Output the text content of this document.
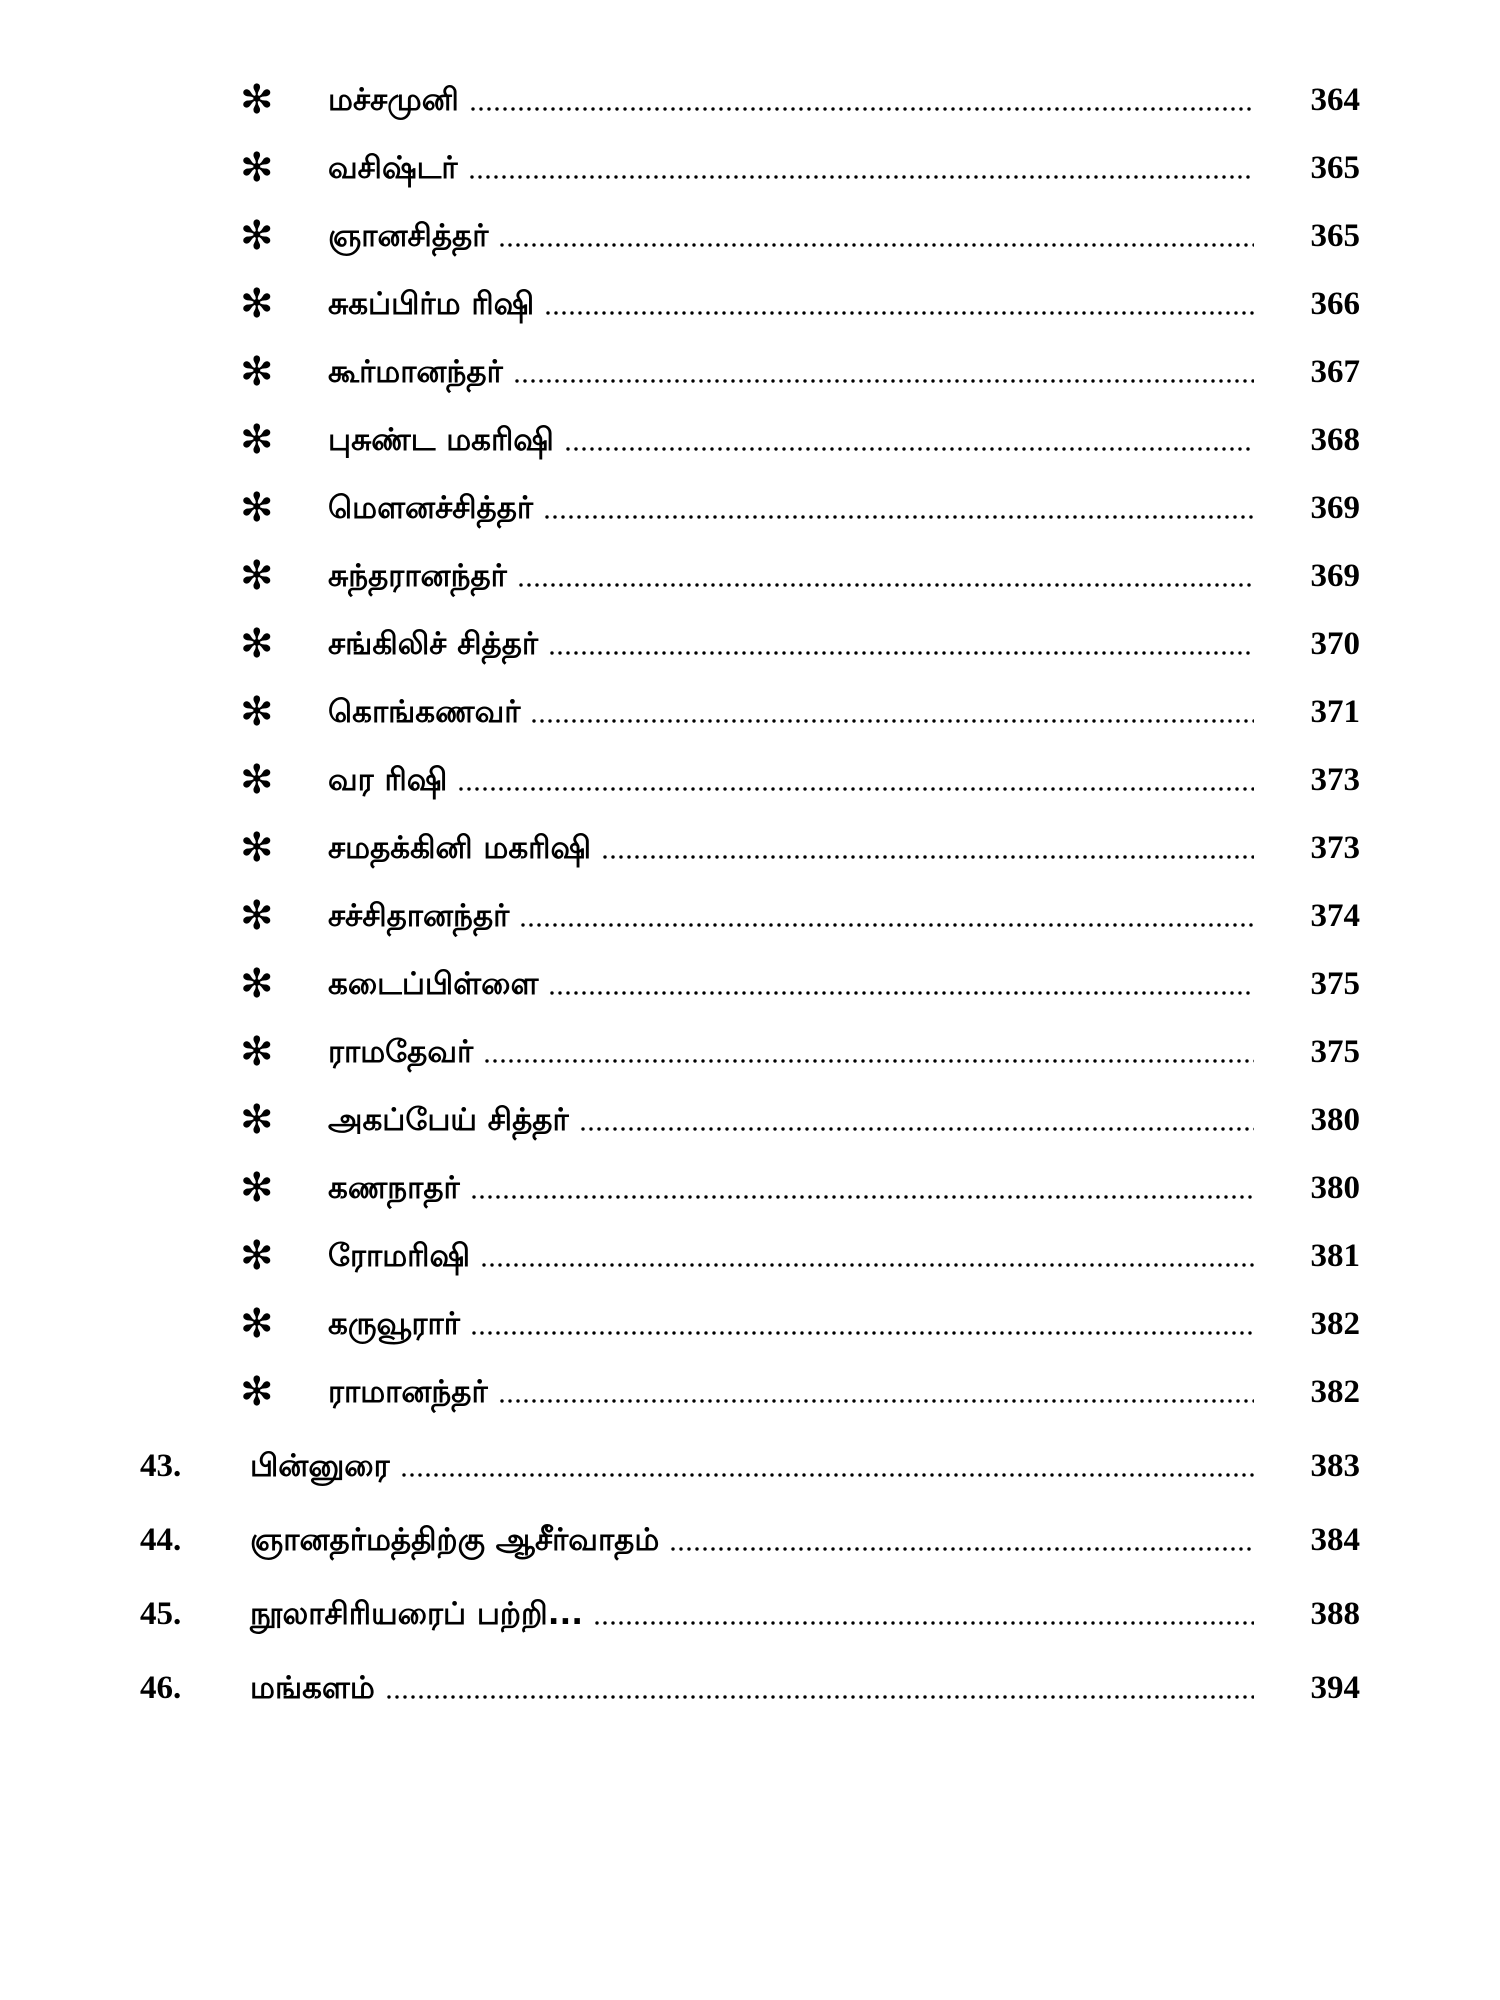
✻ மச்சமுனி	364
✻ வசிஷ்டர்	365
✻ ஞானசித்தர்	365
✻ சுகப்பிர்ம ரிஷி	366
✻ கூர்மானந்தர்	367
✻ புசுண்ட மகரிஷி	368
✻ மௌனச்சித்தர்	369
✻ சுந்தரானந்தர்	369
✻ சங்கிலிச் சித்தர்	370
✻ கொங்கணவர்	371
✻ வர ரிஷி	373
✻ சமதக்கினி மகரிஷி	373
✻ சச்சிதானந்தர்	374
✻ கடைப்பிள்ளை	375
✻ ராமதேவர்	375
✻ அகப்பேய் சித்தர்	380
✻ கணநாதர்	380
✻ ரோமரிஷி	381
✻ கருவூரார்	382
✻ ராமானந்தர்	382
43.	பின்னுரை	383
44.	ஞானதர்மத்திற்கு ஆசீர்வாதம்	384
45.	நூலாசிரியரைப் பற்றி...	388
46.	மங்களம்	394
